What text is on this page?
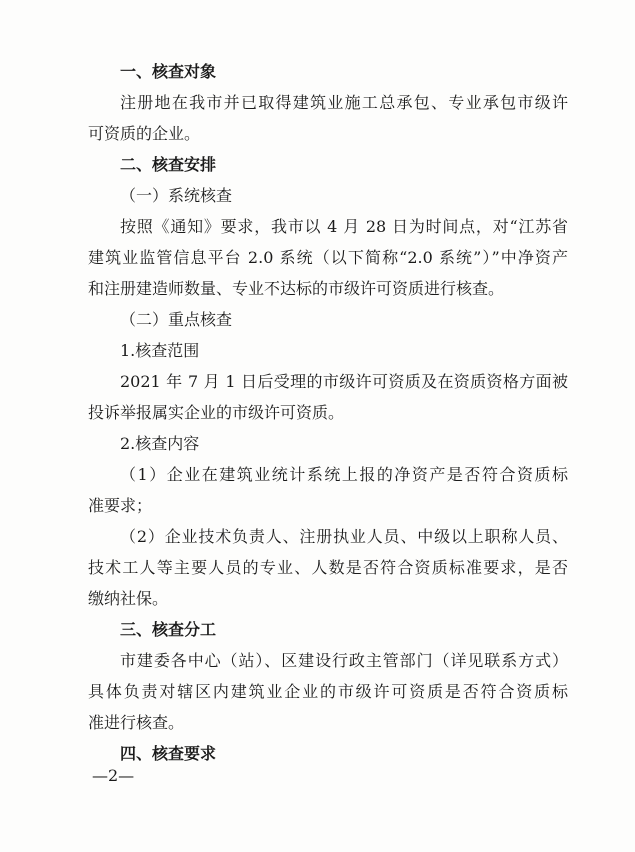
一、核查对象
注册地在我市并已取得建筑业施工总承包、专业承包市级许
可资质的企业。
二、核查安排
（一）系统核查
按照《通知》要求，我市以 4 月 28 日为时间点，对“江苏省
建筑业监管信息平台 2.0 系统（以下简称“2.0 系统”）”中净资产
和注册建造师数量、专业不达标的市级许可资质进行核查。
（二）重点核查
1.核查范围
2021 年 7 月 1 日后受理的市级许可资质及在资质资格方面被
投诉举报属实企业的市级许可资质。
2.核查内容
（1）企业在建筑业统计系统上报的净资产是否符合资质标
准要求；
（2）企业技术负责人、注册执业人员、中级以上职称人员、
技术工人等主要人员的专业、人数是否符合资质标准要求，是否
缴纳社保。
三、核查分工
市建委各中心（站）、区建设行政主管部门（详见联系方式）
具体负责对辖区内建筑业企业的市级许可资质是否符合资质标
准进行核查。
四、核查要求
—2—
